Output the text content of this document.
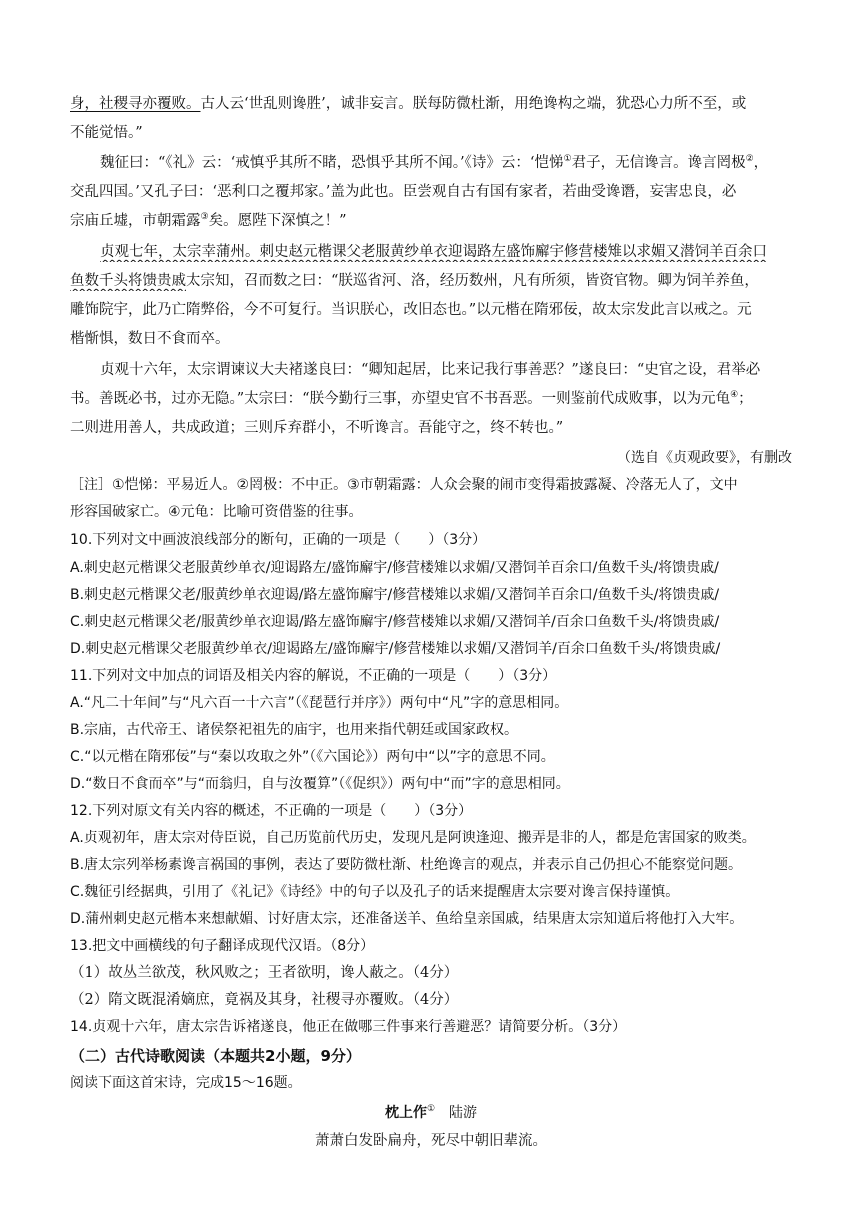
身，社稷寻亦覆败。古人云‘世乱则谗胜’，诚非妄言。朕每防微杜渐，用绝谗构之端，犹恐心力所不至，或
不能觉悟。”
魏征曰：“《礼》云：‘戒慎乎其所不睹，恐惧乎其所不闻。’《诗》云：‘恺悌①君子，无信谗言。谗言罔极②，
交乱四国。’又孔子曰：‘恶利口之覆邦家。’盖为此也。臣尝观自古有国有家者，若曲受谗谮，妄害忠良，必
宗庙丘墟，市朝霜露③矣。愿陛下深慎之！”
贞观七年，太宗幸蒲州。刺史赵元楷课父老服黄纱单衣迎谒路左盛饰廨宇修营楼雉以求媚又潜饲羊百余口
鱼数千头将馈贵戚太宗知，召而数之曰：“朕巡省河、洛，经历数州，凡有所须，皆资官物。卿为饲羊养鱼，
雕饰院宇，此乃亡隋弊俗，今不可复行。当识朕心，改旧态也。”以元楷在隋邪佞，故太宗发此言以戒之。元
楷惭惧，数日不食而卒。
贞观十六年，太宗谓谏议大夫褚遂良曰：“卿知起居，比来记我行事善恶？”遂良曰：“史官之设，君举必
书。善既必书，过亦无隐。”太宗曰：“朕今勤行三事，亦望史官不书吾恶。一则鉴前代成败事，以为元龟④；
二则进用善人，共成政道；三则斥弃群小，不听谗言。吾能守之，终不转也。”
（选自《贞观政要》，有删改
［注］①恺悌：平易近人。②罔极：不中正。③市朝霜露：人众会聚的闹市变得霜披露凝、冷落无人了，文中
形容国破家亡。④元龟：比喻可资借鉴的往事。
10.下列对文中画波浪线部分的断句，正确的一项是（　　）（3分）
A.刺史赵元楷课父老服黄纱单衣/迎谒路左/盛饰廨宇/修营楼雉以求媚/又潜饲羊百余口/鱼数千头/将馈贵戚/
B.刺史赵元楷课父老/服黄纱单衣迎谒/路左盛饰廨宇/修营楼雉以求媚/又潜饲羊百余口/鱼数千头/将馈贵戚/
C.刺史赵元楷课父老/服黄纱单衣迎谒/路左盛饰廨宇/修营楼雉以求媚/又潜饲羊/百余口鱼数千头/将馈贵戚/
D.刺史赵元楷课父老服黄纱单衣/迎谒路左/盛饰廨宇/修营楼雉以求媚/又潜饲羊/百余口鱼数千头/将馈贵戚/
11.下列对文中加点的词语及相关内容的解说，不正确的一项是（　　）（3分）
A.“凡二十年间”与“凡六百一十六言”（《琵琶行并序》）两句中“凡”字的意思相同。
B.宗庙，古代帝王、诸侯祭祀祖先的庙宇，也用来指代朝廷或国家政权。
C.“以元楷在隋邪佞”与“秦以攻取之外”（《六国论》）两句中“以”字的意思不同。
D.“数日不食而卒”与“而翁归，自与汝覆算”（《促织》）两句中“而”字的意思相同。
12.下列对原文有关内容的概述，不正确的一项是（　　）（3分）
A.贞观初年，唐太宗对侍臣说，自己历览前代历史，发现凡是阿谀逢迎、搬弄是非的人，都是危害国家的败类。
B.唐太宗列举杨素谗言祸国的事例，表达了要防微杜渐、杜绝谗言的观点，并表示自己仍担心不能察觉问题。
C.魏征引经据典，引用了《礼记》《诗经》中的句子以及孔子的话来提醒唐太宗要对谗言保持谨慎。
D.蒲州刺史赵元楷本来想献媚、讨好唐太宗，还准备送羊、鱼给皇亲国戚，结果唐太宗知道后将他打入大牢。
13.把文中画横线的句子翻译成现代汉语。（8分）
（1）故丛兰欲茂，秋风败之；王者欲明，谗人蔽之。（4分）
（2）隋文既混淆嫡庶，竟祸及其身，社稷寻亦覆败。（4分）
14.贞观十六年，唐太宗告诉褚遂良，他正在做哪三件事来行善避恶？请简要分析。（3分）
（二）古代诗歌阅读（本题共2小题，9分）
阅读下面这首宋诗，完成15～16题。
枕上作① 陆游
萧萧白发卧扁舟，死尽中朝旧辈流。
